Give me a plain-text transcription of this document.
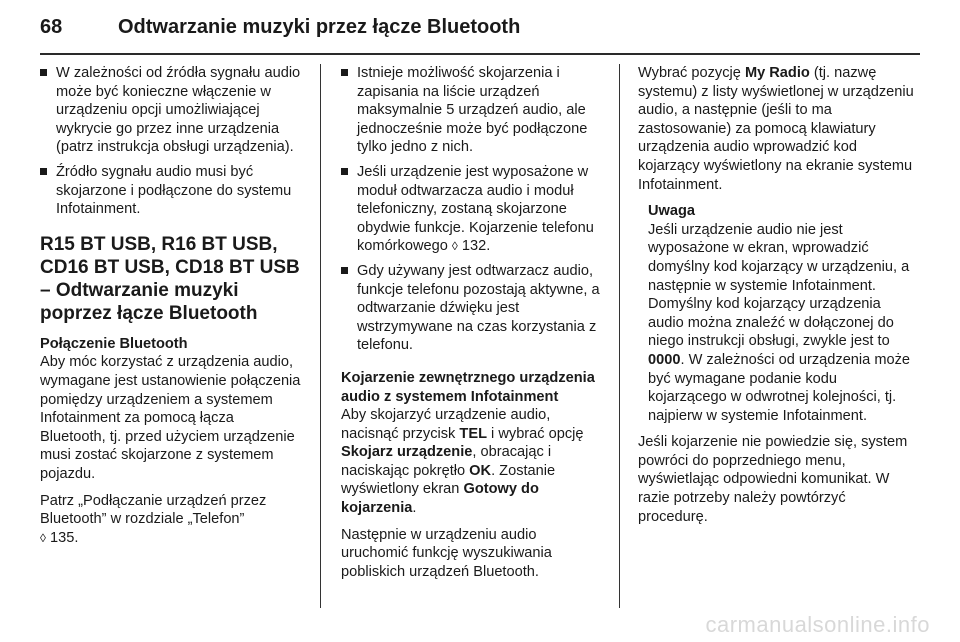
68	Odtwarzanie muzyki przez łącze Bluetooth
W zależności od źródła sygnału audio może być konieczne włączenie w urządzeniu opcji umożliwiającej wykrycie go przez inne urządzenia (patrz instrukcja obsługi urządzenia).
Źródło sygnału audio musi być skojarzone i podłączone do systemu Infotainment.
R15 BT USB, R16 BT USB, CD16 BT USB, CD18 BT USB – Odtwarzanie muzyki poprzez łącze Bluetooth

Połączenie Bluetooth
Aby móc korzystać z urządzenia audio, wymagane jest ustanowienie połączenia pomiędzy urządzeniem a systemem Infotainment za pomocą łącza Bluetooth, tj. przed użyciem urządzenie musi zostać skojarzone z systemem pojazdu.

Patrz „Podłączanie urządzeń przez Bluetooth” w rozdziale „Telefon”
◊ 135.

Istnieje możliwość skojarzenia i zapisania na liście urządzeń maksymalnie 5 urządzeń audio, ale jednocześnie może być podłączone tylko jedno z nich.
Jeśli urządzenie jest wyposażone w moduł odtwarzacza audio i moduł telefoniczny, zostaną skojarzone obydwie funkcje. Kojarzenie telefonu komórkowego ◊ 132.
Gdy używany jest odtwarzacz audio, funkcje telefonu pozostają aktywne, a odtwarzanie dźwięku jest wstrzymywane na czas korzystania z telefonu.

Kojarzenie zewnętrznego urządzenia audio z systemem Infotainment
Aby skojarzyć urządzenie audio, nacisnąć przycisk TEL i wybrać opcję Skojarz urządzenie, obracając i naciskając pokrętło OK. Zostanie wyświetlony ekran Gotowy do kojarzenia.

Następnie w urządzeniu audio uruchomić funkcję wyszukiwania pobliskich urządzeń Bluetooth.

Wybrać pozycję My Radio (tj. nazwę systemu) z listy wyświetlonej w urządzeniu audio, a następnie (jeśli to ma zastosowanie) za pomocą klawiatury urządzenia audio wprowadzić kod kojarzący wyświetlony na ekranie systemu Infotainment.

Uwaga
Jeśli urządzenie audio nie jest wyposażone w ekran, wprowadzić domyślny kod kojarzący w urządzeniu, a następnie w systemie Infotainment. Domyślny kod kojarzący urządzenia audio można znaleźć w dołączonej do niego instrukcji obsługi, zwykle jest to 0000. W zależności od urządzenia może być wymagane podanie kodu kojarzącego w odwrotnej kolejności, tj. najpierw w systemie Infotainment.

Jeśli kojarzenie nie powiedzie się, system powróci do poprzedniego menu, wyświetlając odpowiedni komunikat. W razie potrzeby należy powtórzyć procedurę.

carmanualsonline.info
